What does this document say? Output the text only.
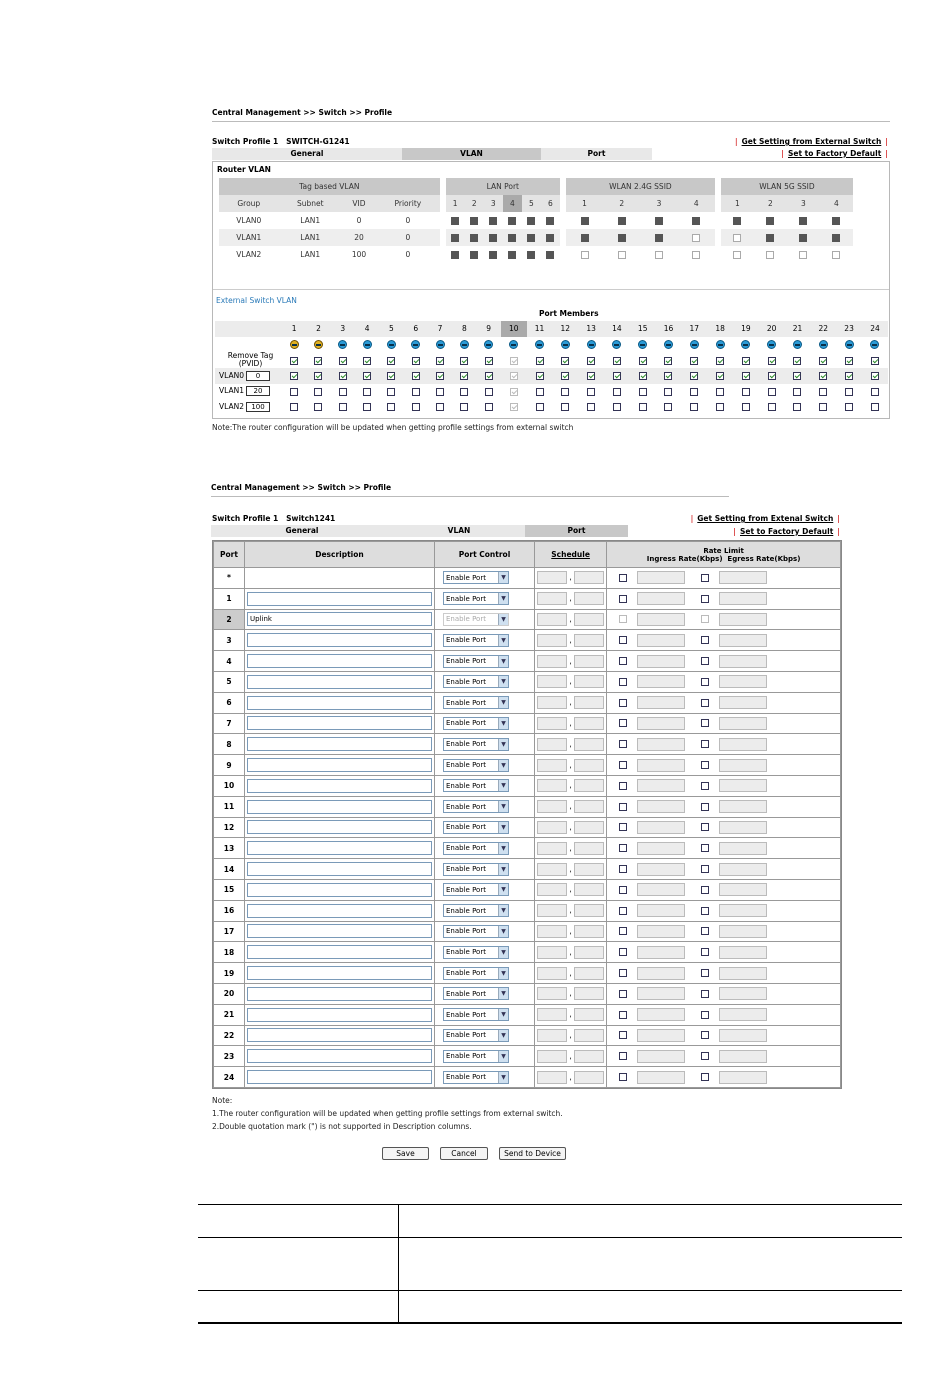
Central Management >> Switch >> Profile
Switch Profile 1 SWITCH-G1241	| Get Setting from External Switch |
| Set to Factory Default |
General	VLAN	Port
Router VLAN
Tag based VLAN					LAN Port							WLAN 2.4G SSID					WLAN 5G SSID			
Group	Subnet	VID	Priority		1	2	3	4	5	6		1	2	3	4		1	2	3	4
VLAN0	LAN1	0	0																	
VLAN1	LAN1	20	0																	
VLAN2	LAN1	100	0																	
External Switch VLAN
Port Members
	1	2	3	4	5	6	7	8	9	10	11	12	13	14	15	16	17	18	19	20	21	22	23	24

Remove Tag
(PVID)																								
VLAN0 0																								
VLAN1 20																								
VLAN2 100																								
Note:The router configuration will be updated when getting profile settings from external switch
Central Management >> Switch >> Profile
Switch Profile 1 Switch1241	| Get Setting from Extenal Switch |
| Set to Factory Default |
General	VLAN	Port
Port	Description	Port Control	Schedule	Rate Limit
Ingress Rate(Kbps) Egress Rate(Kbps)

*		Enable Port ▼	,	
1		Enable Port ▼	,	
2	Uplink	Enable Port ▼	,	
3		Enable Port ▼	,	
4		Enable Port ▼	,	
5		Enable Port ▼	,	
6		Enable Port ▼	,	
7		Enable Port ▼	,	
8		Enable Port ▼	,	
9		Enable Port ▼	,	
10		Enable Port ▼	,	
11		Enable Port ▼	,	
12		Enable Port ▼	,	
13		Enable Port ▼	,	
14		Enable Port ▼	,	
15		Enable Port ▼	,	
16		Enable Port ▼	,	
17		Enable Port ▼	,	
18		Enable Port ▼	,	
19		Enable Port ▼	,	
20		Enable Port ▼	,	
21		Enable Port ▼	,	
22		Enable Port ▼	,	
23		Enable Port ▼	,	
24		Enable Port ▼	,	
Note:
1.The router configuration will be updated when getting profile settings from external switch.
2.Double quotation mark (") is not supported in Description columns.
Save	Cancel	Send to Device
